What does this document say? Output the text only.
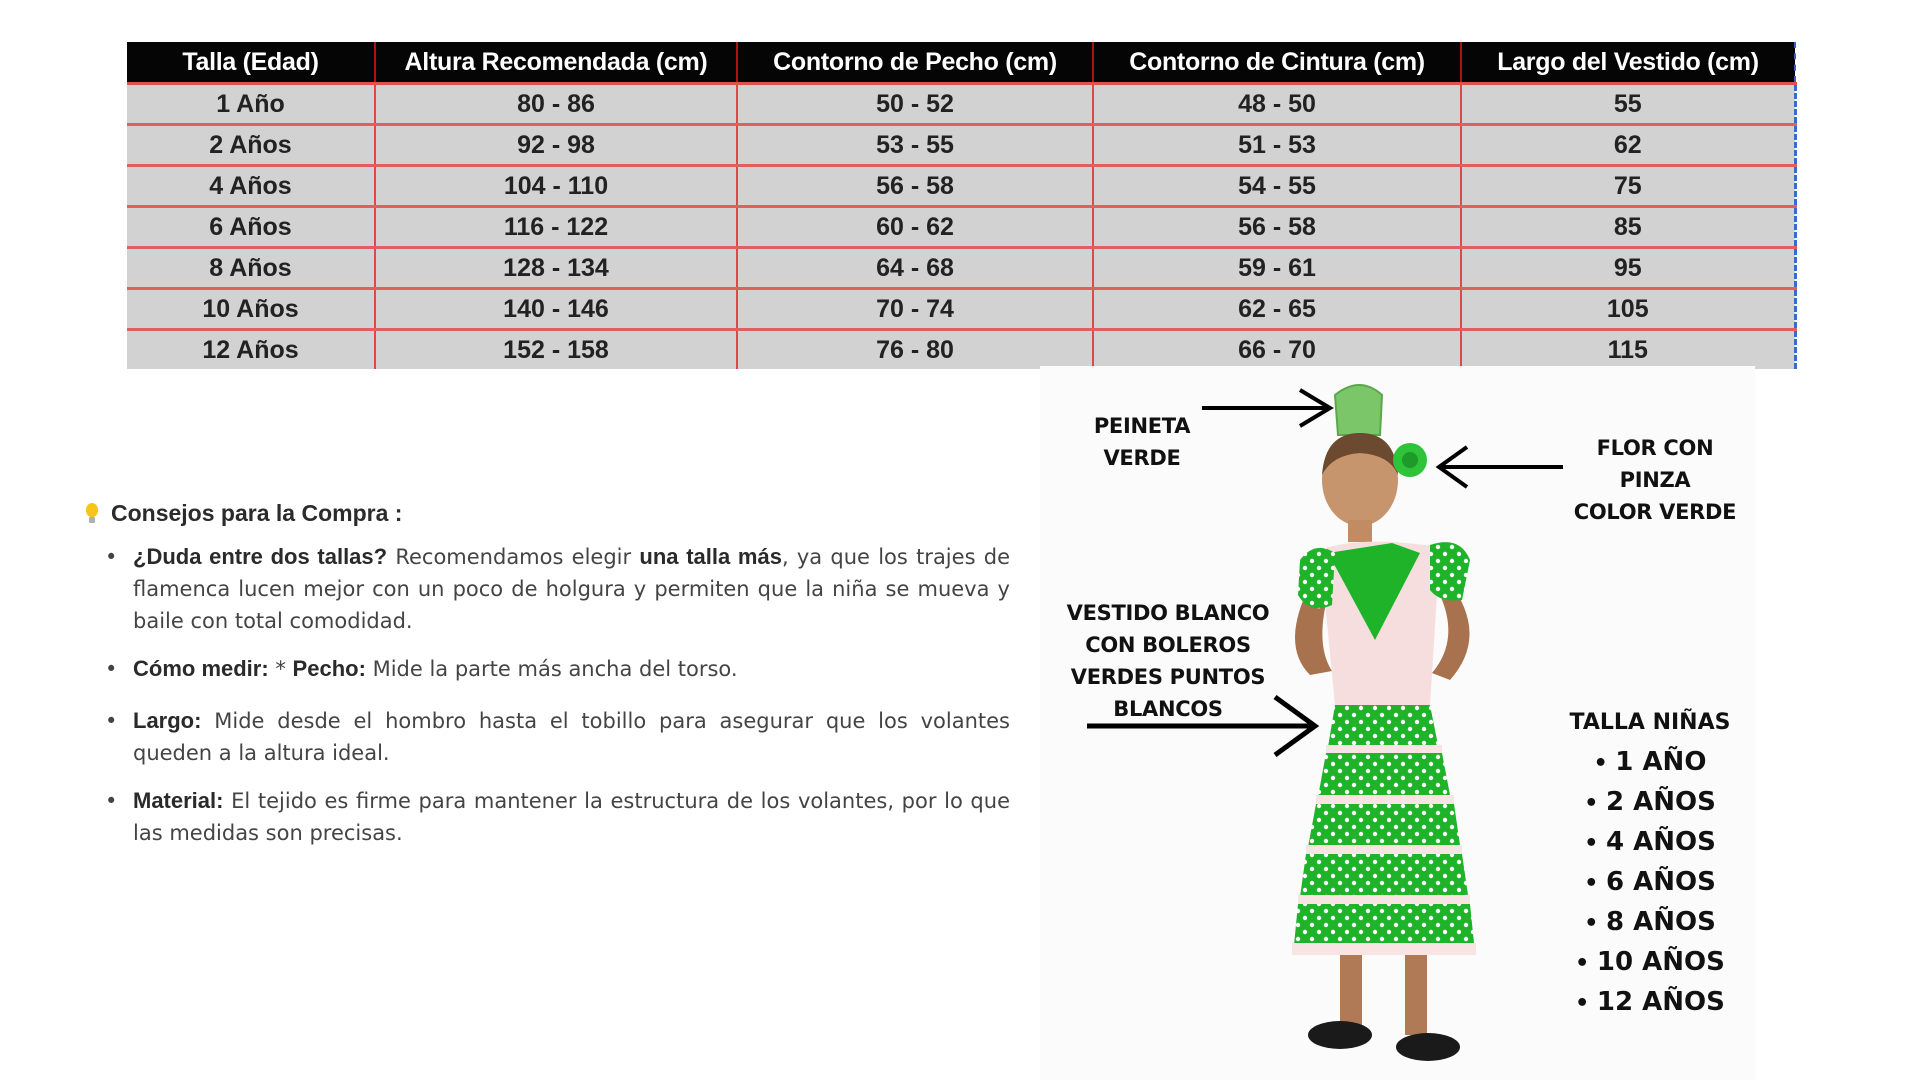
Talla (Edad)	Altura Recomendada (cm)	Contorno de Pecho (cm)	Contorno de Cintura (cm)	Largo del Vestido (cm)
1 Año	80 - 86	50 - 52	48 - 50	55
2 Años	92 - 98	53 - 55	51 - 53	62
4 Años	104 - 110	56 - 58	54 - 55	75
6 Años	116 - 122	60 - 62	56 - 58	85
8 Años	128 - 134	64 - 68	59 - 61	95
10 Años	140 - 146	70 - 74	62 - 65	105
12 Años	152 - 158	76 - 80	66 - 70	115
Consejos para la Compra :
• ¿Duda entre dos tallas? Recomendamos elegir una talla más, ya que los trajes de flamenca lucen mejor con un poco de holgura y permiten que la niña se mueva y baile con total comodidad.
• Cómo medir: * Pecho: Mide la parte más ancha del torso.
• Largo: Mide desde el hombro hasta el tobillo para asegurar que los volantes queden a la altura ideal.
• Material: El tejido es firme para mantener la estructura de los volantes, por lo que las medidas son precisas.
PEINETA VERDE	FLOR CON PINZA
COLOR VERDE
VESTIDO BLANCO
CON BOLEROS
VERDES PUNTOS
BLANCOS
TALLA NIÑAS
• 1 AÑO
• 2 AÑOS
• 4 AÑOS
• 6 AÑOS
• 8 AÑOS
• 10 AÑOS
• 12 AÑOS
